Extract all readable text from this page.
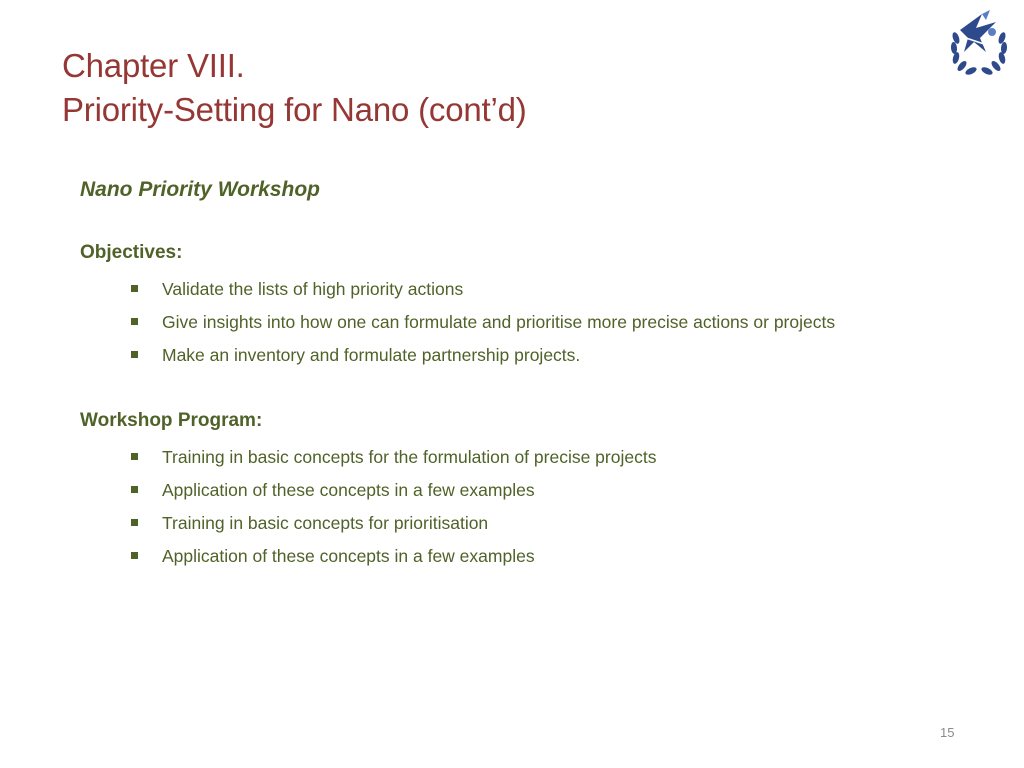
Chapter VIII.
Priority-Setting for Nano (cont’d)
Nano Priority Workshop
Objectives:
Validate the lists of high priority actions
Give insights into how one can formulate and prioritise more precise actions or projects
Make an inventory and formulate partnership projects.
Workshop Program:
Training in basic concepts for the formulation of precise projects
Application of these concepts in a few examples
Training in basic concepts for prioritisation
Application of these concepts in a few examples
15
